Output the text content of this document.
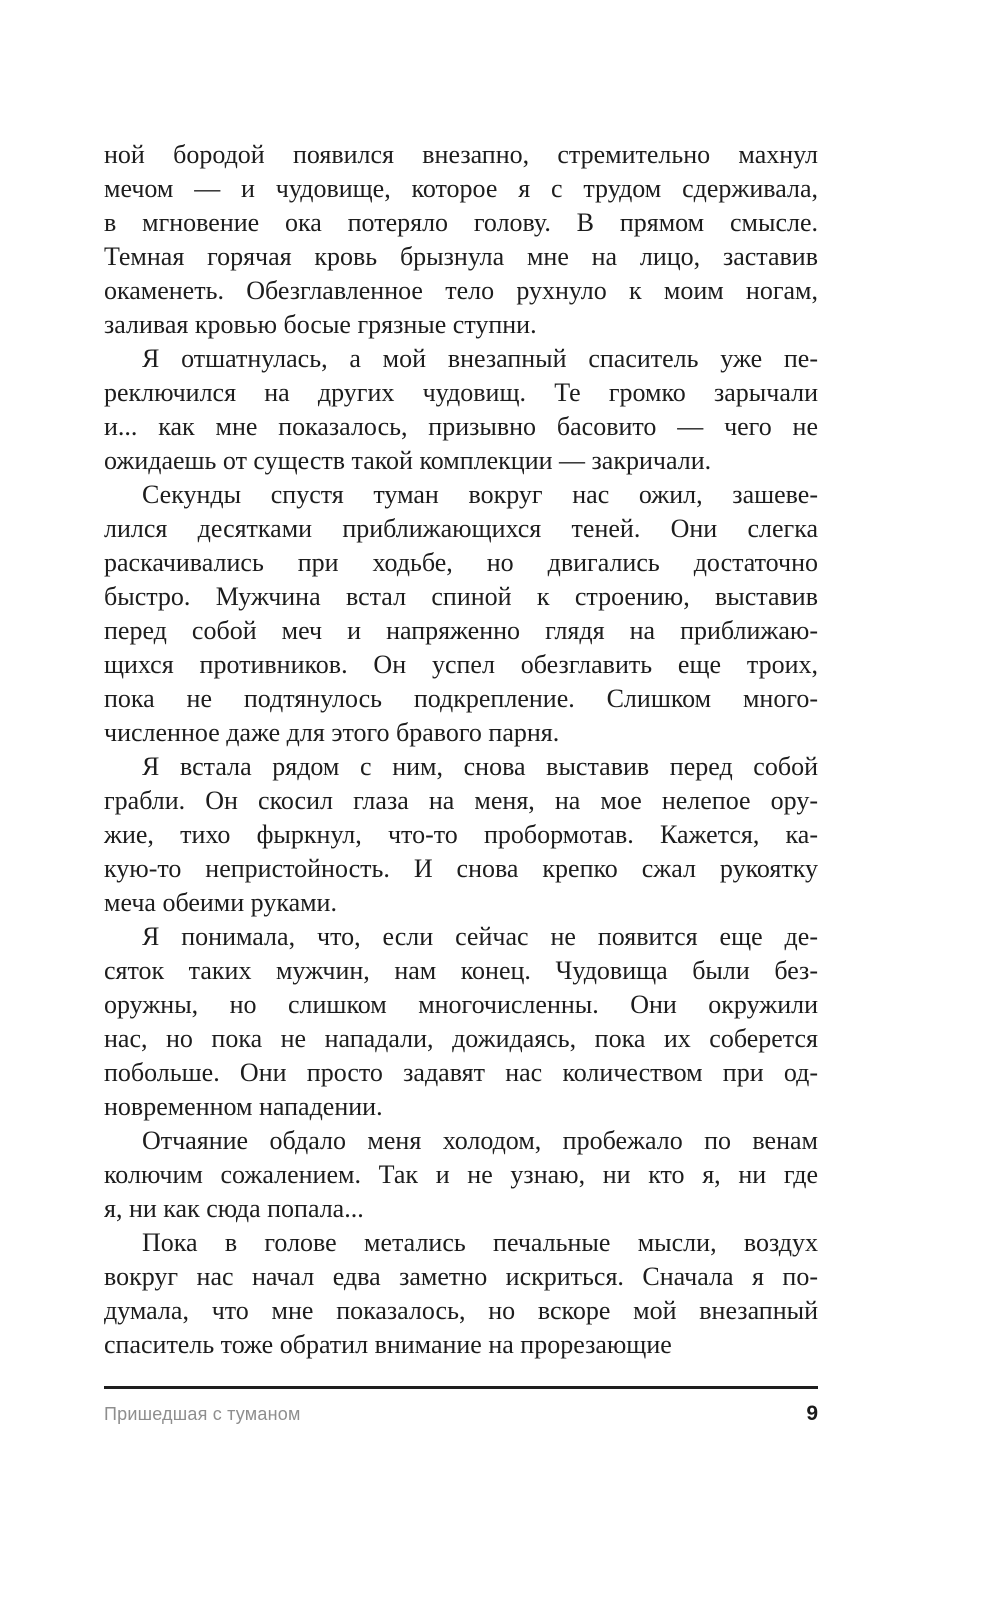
ной бородой появился внезапно, стремительно махнул
мечом — и чудовище, которое я с трудом сдерживала,
в мгновение ока потеряло голову. В прямом смысле.
Темная горячая кровь брызнула мне на лицо, заставив
окаменеть. Обезглавленное тело рухнуло к моим ногам,
заливая кровью босые грязные ступни.
Я отшатнулась, а мой внезапный спаситель уже пе-
реключился на других чудовищ. Те громко зарычали
и... как мне показалось, призывно басовито — чего не
ожидаешь от существ такой комплекции — закричали.
Секунды спустя туман вокруг нас ожил, зашеве-
лился десятками приближающихся теней. Они слегка
раскачивались при ходьбе, но двигались достаточно
быстро. Мужчина встал спиной к строению, выставив
перед собой меч и напряженно глядя на приближаю-
щихся противников. Он успел обезглавить еще троих,
пока не подтянулось подкрепление. Слишком много-
численное даже для этого бравого парня.
Я встала рядом с ним, снова выставив перед собой
грабли. Он скосил глаза на меня, на мое нелепое ору-
жие, тихо фыркнул, что-то пробормотав. Кажется, ка-
кую-то непристойность. И снова крепко сжал рукоятку
меча обеими руками.
Я понимала, что, если сейчас не появится еще де-
сяток таких мужчин, нам конец. Чудовища были без-
оружны, но слишком многочисленны. Они окружили
нас, но пока не нападали, дожидаясь, пока их соберется
побольше. Они просто задавят нас количеством при од-
новременном нападении.
Отчаяние обдало меня холодом, пробежало по венам
колючим сожалением. Так и не узнаю, ни кто я, ни где
я, ни как сюда попала...
Пока в голове метались печальные мысли, воздух
вокруг нас начал едва заметно искриться. Сначала я по-
думала, что мне показалось, но вскоре мой внезапный
спаситель тоже обратил внимание на прорезающие
Пришедшая с туманом	9
